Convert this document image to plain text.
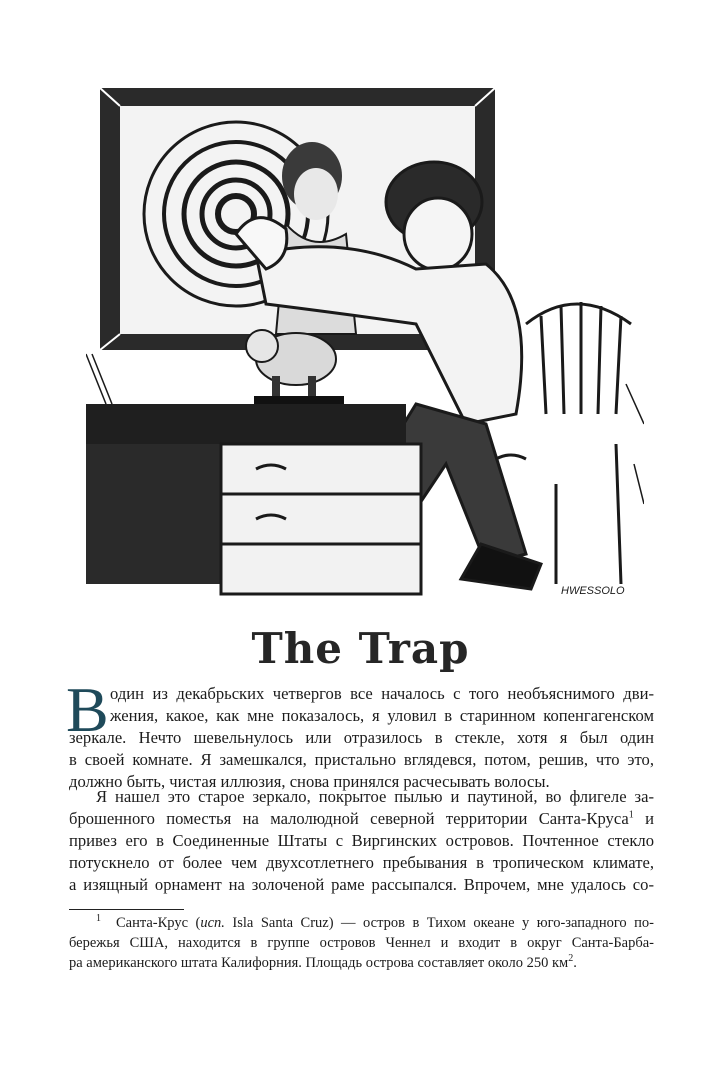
HWESSOLO
The Trap
В один из декабрьских четвергов все началось с того необъяснимого дви-
жения, какое, как мне показалось, я уловил в старинном копенгагенском
зеркале. Нечто шевельнулось или отразилось в стекле, хотя я был один
в своей комнате. Я замешкался, пристально вглядевся, потом, решив, что это,
должно быть, чистая иллюзия, снова принялся расчесывать волосы.
Я нашел это старое зеркало, покрытое пылью и паутиной, во флигеле за-
брошенного поместья на малолюдной северной территории Санта-Круса$^1$ и
привез его в Соединенные Штаты с Виргинских островов. Почтенное стекло
потускнело от более чем двухсотлетнего пребывания в тропическом климате,
а изящный орнамент на золоченой раме рассыпался. Впрочем, мне удалось со-
$^1$ Санта-Крус (исп. Isla Santa Cruz) — остров в Тихом океане у юго-западного по-
бережья США, находится в группе островов Ченнел и входит в округ Санта-Барба-
ра американского штата Калифорния. Площадь острова составляет около 250 $км^2$.
